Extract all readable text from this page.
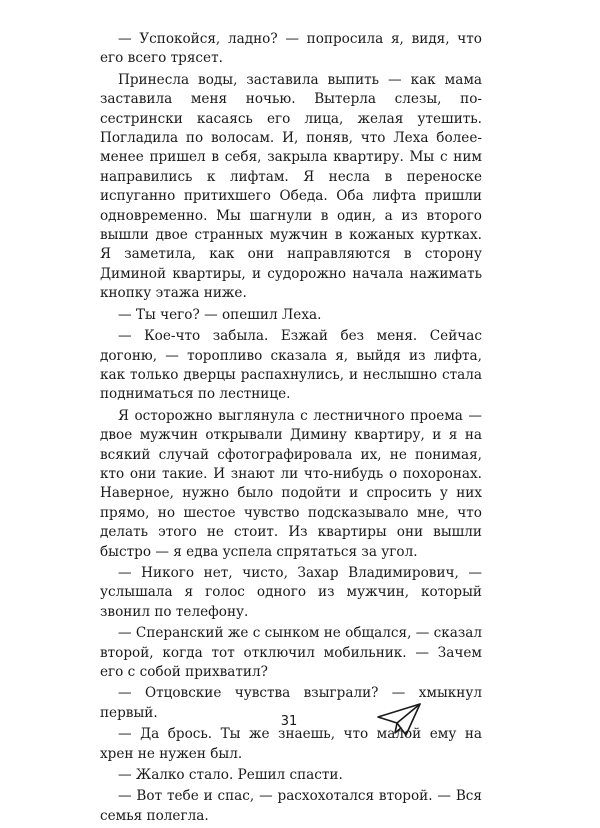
— Успокойся, ладно? — попросила я, видя, что его всего трясет.

Принесла воды, заставила выпить — как мама заставила меня ночью. Вытерла слезы, по-сестрински касаясь его лица, желая утешить. Погладила по волосам. И, поняв, что Леха более-менее пришел в себя, закрыла квартиру. Мы с ним направились к лифтам. Я несла в переноске испуганно притихшего Обеда. Оба лифта пришли одновременно. Мы шагнули в один, а из второго вышли двое странных мужчин в кожаных куртках. Я заметила, как они направляются в сторону Диминой квартиры, и судорожно начала нажимать кнопку этажа ниже.

— Ты чего? — опешил Леха.

— Кое-что забыла. Езжай без меня. Сейчас догоню, — торопливо сказала я, выйдя из лифта, как только дверцы распахнулись, и неслышно стала подниматься по лестнице.

Я осторожно выглянула с лестничного проема — двое мужчин открывали Димину квартиру, и я на всякий случай сфотографировала их, не понимая, кто они такие. И знают ли что-нибудь о похоронах. Наверное, нужно было подойти и спросить у них прямо, но шестое чувство подсказывало мне, что делать этого не стоит. Из квартиры они вышли быстро — я едва успела спрятаться за угол.

— Никого нет, чисто, Захар Владимирович, — услышала я голос одного из мужчин, который звонил по телефону.

— Сперанский же с сынком не общался, — сказал второй, когда тот отключил мобильник. — Зачем его с собой прихватил?

— Отцовские чувства взыграли? — хмыкнул первый.

— Да брось. Ты же знаешь, что малой ему на хрен не нужен был.

— Жалко стало. Решил спасти.

— Вот тебе и спас, — расхохотался второй. — Вся семья полегла.

31
